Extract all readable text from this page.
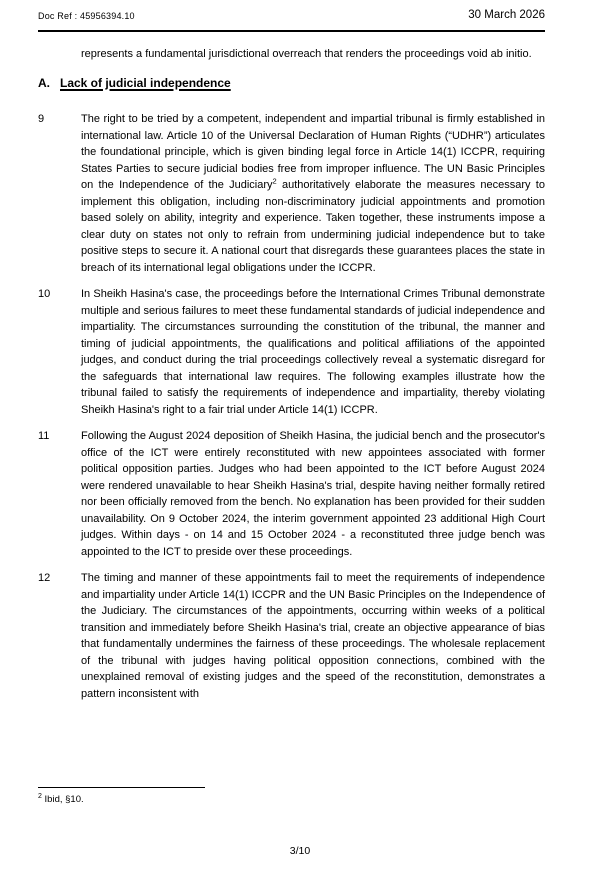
Doc Ref : 45956394.10	30 March 2026

represents a fundamental jurisdictional overreach that renders the proceedings void ab initio.

A. Lack of judicial independence
9	The right to be tried by a competent, independent and impartial tribunal is firmly established in international law. Article 10 of the Universal Declaration of Human Rights (“UDHR”) articulates the foundational principle, which is given binding legal force in Article 14(1) ICCPR, requiring States Parties to secure judicial bodies free from improper influence. The UN Basic Principles on the Independence of the Judiciary$^2$ authoritatively elaborate the measures necessary to implement this obligation, including non-discriminatory judicial appointments and promotion based solely on ability, integrity and experience. Taken together, these instruments impose a clear duty on states not only to refrain from undermining judicial independence but to take positive steps to secure it. A national court that disregards these guarantees places the state in breach of its international legal obligations under the ICCPR.

10	In Sheikh Hasina's case, the proceedings before the International Crimes Tribunal demonstrate multiple and serious failures to meet these fundamental standards of judicial independence and impartiality. The circumstances surrounding the constitution of the tribunal, the manner and timing of judicial appointments, the qualifications and political affiliations of the appointed judges, and conduct during the trial proceedings collectively reveal a systematic disregard for the safeguards that international law requires. The following examples illustrate how the tribunal failed to satisfy the requirements of independence and impartiality, thereby violating Sheikh Hasina's right to a fair trial under Article 14(1) ICCPR.

11	Following the August 2024 deposition of Sheikh Hasina, the judicial bench and the prosecutor's office of the ICT were entirely reconstituted with new appointees associated with former political opposition parties. Judges who had been appointed to the ICT before August 2024 were rendered unavailable to hear Sheikh Hasina's trial, despite having neither formally retired nor been officially removed from the bench. No explanation has been provided for their sudden unavailability. On 9 October 2024, the interim government appointed 23 additional High Court judges. Within days - on 14 and 15 October 2024 - a reconstituted three judge bench was appointed to the ICT to preside over these proceedings.

12	The timing and manner of these appointments fail to meet the requirements of independence and impartiality under Article 14(1) ICCPR and the UN Basic Principles on the Independence of the Judiciary. The circumstances of the appointments, occurring within weeks of a political transition and immediately before Sheikh Hasina's trial, create an objective appearance of bias that fundamentally undermines the fairness of these proceedings. The wholesale replacement of the tribunal with judges having political opposition connections, combined with the unexplained removal of existing judges and the speed of the reconstitution, demonstrates a pattern inconsistent with

$^2$ Ibid, §10.

3/10
